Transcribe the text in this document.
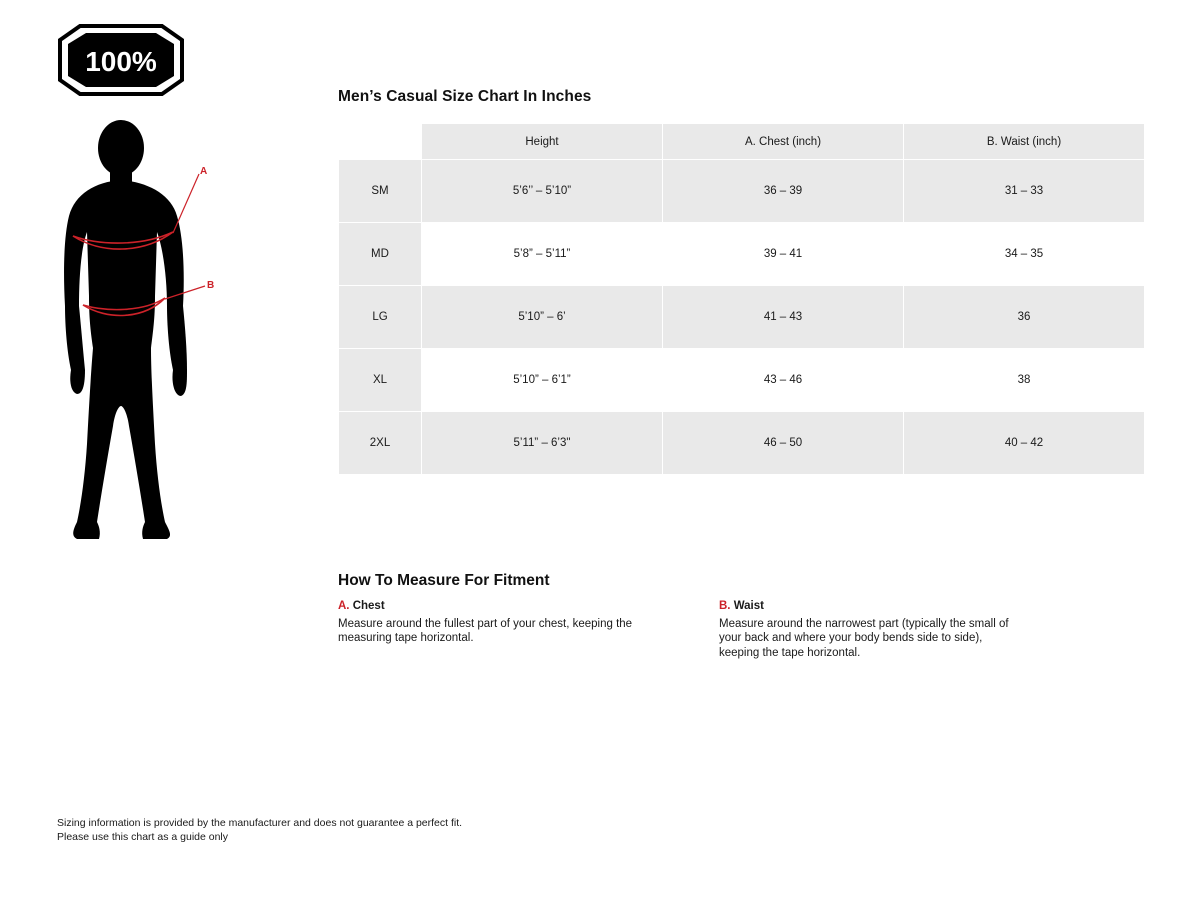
100%
A
B
Men’s Casual Size Chart In Inches
	Height	A. Chest (inch)	B. Waist (inch)
SM	5’6’’ – 5’10”	36 – 39	31 – 33
MD	5’8” – 5’11”	39 – 41	34 – 35
LG	5’10” – 6’	41 – 43	36
XL	5’10” – 6’1”	43 – 46	38
2XL	5’11” – 6’3"	46 – 50	40 – 42
How To Measure For Fitment
A. Chest
Measure around the fullest part of your chest, keeping the measuring tape horizontal.
B. Waist
Measure around the narrowest part (typically the small of your back and where your body bends side to side), keeping the tape horizontal.
Sizing information is provided by the manufacturer and does not guarantee a perfect fit.
Please use this chart as a guide only
